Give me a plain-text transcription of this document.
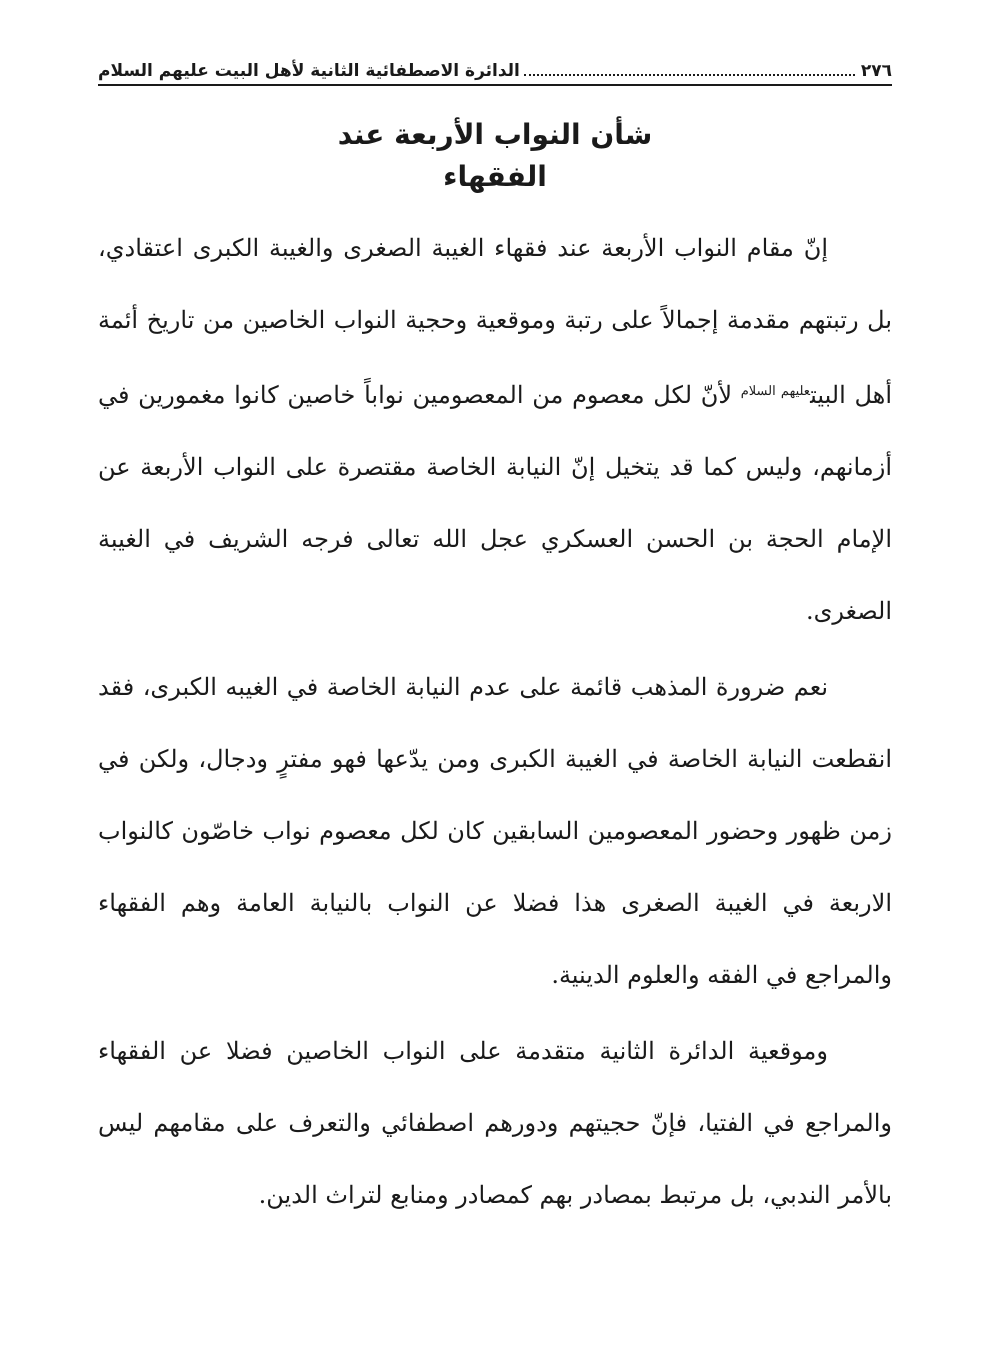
٢٧٦
الدائرة الاصطفائية الثانية لأهل البيت عليهم السلام
شأن النواب الأربعة عند
الفقهاء

إنّ مقام النواب الأربعة عند فقهاء الغيبة الصغرى والغيبة الكبرى اعتقادي، بل رتبتهم مقدمة إجمالاً على رتبة وموقعية وحجية النواب الخاصين من تاريخ أئمة أهل البيت$^{عليهم السلام}$ لأنّ لكل معصوم من المعصومين نواباً خاصين كانوا مغمورين في أزمانهم، وليس كما قد يتخيل إنّ النيابة الخاصة مقتصرة على النواب الأربعة عن الإمام الحجة بن الحسن العسكري عجل الله تعالى فرجه الشريف في الغيبة الصغرى.

نعم ضرورة المذهب قائمة على عدم النيابة الخاصة في الغيبه الكبرى، فقد انقطعت النيابة الخاصة في الغيبة الكبرى ومن يدّعها فهو مفترٍ ودجال، ولكن في زمن ظهور وحضور المعصومين السابقين كان لكل معصوم نواب خاصّون كالنواب الاربعة في الغيبة الصغرى هذا فضلا عن النواب بالنيابة العامة وهم الفقهاء والمراجع في الفقه والعلوم الدينية.

وموقعية الدائرة الثانية متقدمة على النواب الخاصين فضلا عن الفقهاء والمراجع في الفتيا، فإنّ حجيتهم ودورهم اصطفائي والتعرف على مقامهم ليس بالأمر الندبي، بل مرتبط بمصادر بهم كمصادر ومنابع لتراث الدين.
